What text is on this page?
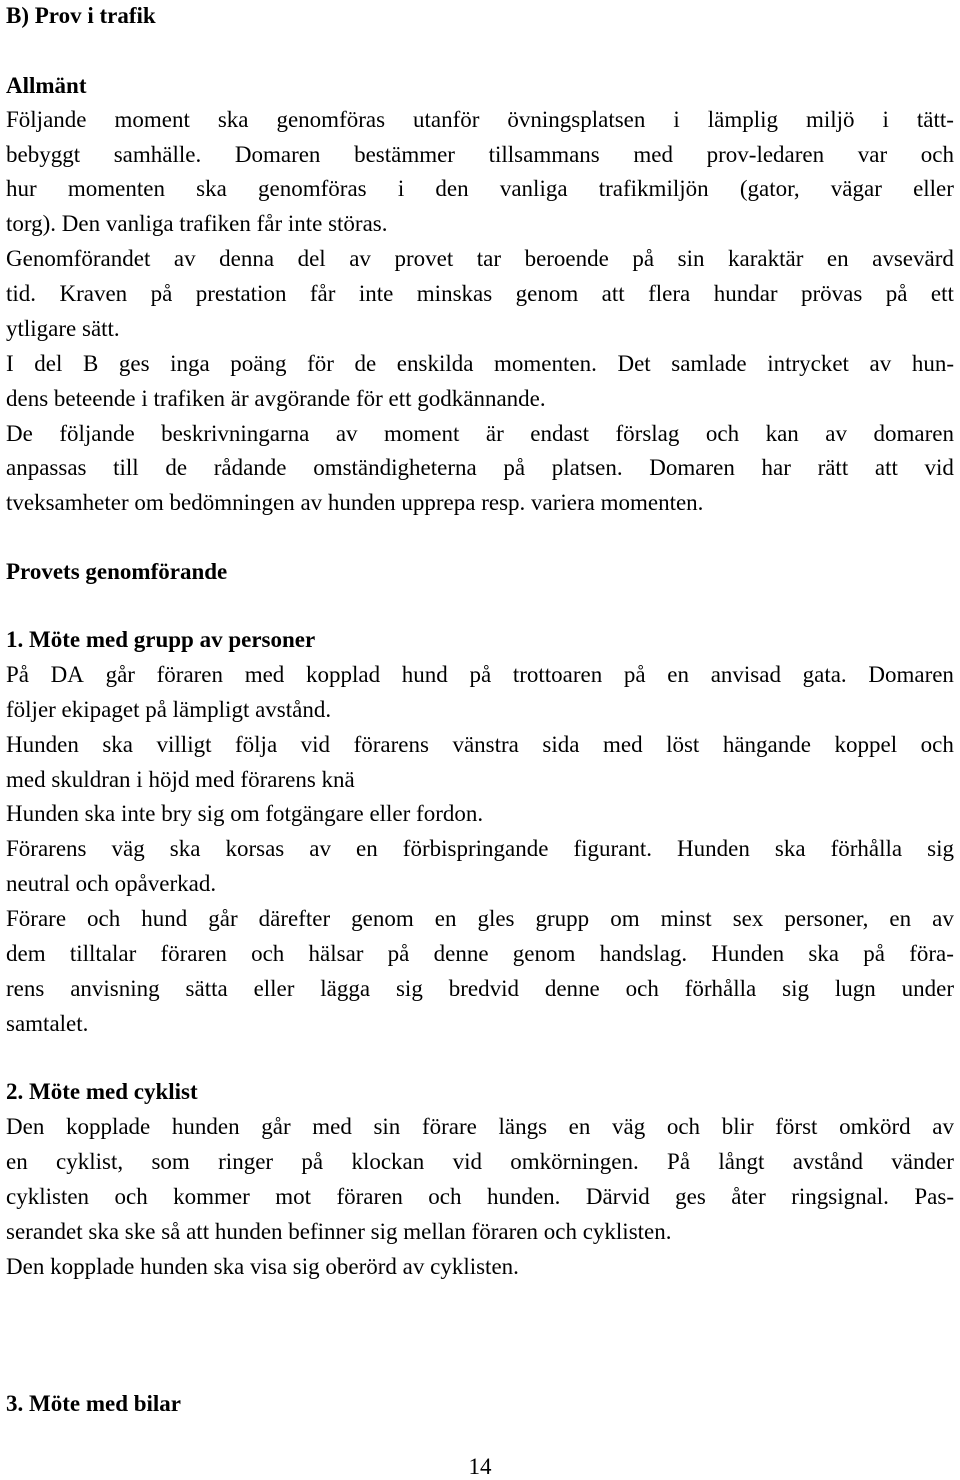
B) Prov i trafik
Allmänt
Följande moment ska genomföras utanför övningsplatsen i lämplig miljö i tätt-
bebyggt samhälle. Domaren bestämmer tillsammans med prov-ledaren var och
hur momenten ska genomföras i den vanliga trafikmiljön (gator, vägar eller
torg). Den vanliga trafiken får inte störas.
Genomförandet av denna del av provet tar beroende på sin karaktär en avsevärd
tid. Kraven på prestation får inte minskas genom att flera hundar prövas på ett
ytligare sätt.
I del B ges inga poäng för de enskilda momenten. Det samlade intrycket av hun-
dens beteende i trafiken är avgörande för ett godkännande.
De följande beskrivningarna av moment är endast förslag och kan av domaren
anpassas till de rådande omständigheterna på platsen. Domaren har rätt att vid
tveksamheter om bedömningen av hunden upprepa resp. variera momenten.
Provets genomförande
1. Möte med grupp av personer
På DA går föraren med kopplad hund på trottoaren på en anvisad gata. Domaren
följer ekipaget på lämpligt avstånd.
Hunden ska villigt följa vid förarens vänstra sida med löst hängande koppel och
med skuldran i höjd med förarens knä
Hunden ska inte bry sig om fotgängare eller fordon.
Förarens väg ska korsas av en förbispringande figurant. Hunden ska förhålla sig
neutral och opåverkad.
Förare och hund går därefter genom en gles grupp om minst sex personer, en av
dem tilltalar föraren och hälsar på denne genom handslag. Hunden ska på föra-
rens anvisning sätta eller lägga sig bredvid denne och förhålla sig lugn under
samtalet.
2. Möte med cyklist
Den kopplade hunden går med sin förare längs en väg och blir först omkörd av
en cyklist, som ringer på klockan vid omkörningen. På långt avstånd vänder
cyklisten och kommer mot föraren och hunden. Därvid ges åter ringsignal. Pas-
serandet ska ske så att hunden befinner sig mellan föraren och cyklisten.
Den kopplade hunden ska visa sig oberörd av cyklisten.
3. Möte med bilar
14
